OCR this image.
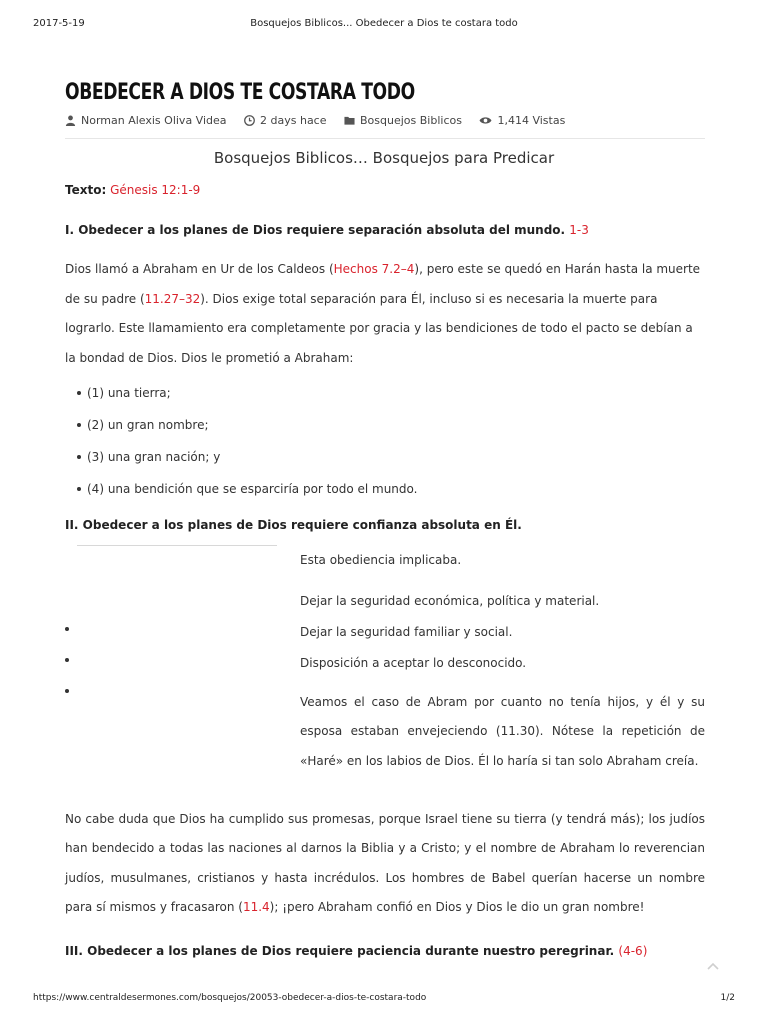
2017-5-19	Bosquejos Biblicos... Obedecer a Dios te costara todo
OBEDECER A DIOS TE COSTARA TODO
Norman Alexis Oliva Videa
	2 days hace
	Bosquejos Biblicos
	1,414 Vistas
Bosquejos Biblicos… Bosquejos para Predicar

Texto: Génesis 12:1-9

I. Obedecer a los planes de Dios requiere separación absoluta del mundo. 1-3

Dios llamó a Abraham en Ur de los Caldeos (Hechos 7.2–4), pero este se quedó en Harán hasta la muerte de su padre (11.27–32). Dios exige total separación para Él, incluso si es necesaria la muerte para lograrlo. Este llamamiento era completamente por gracia y las bendiciones de todo el pacto se debían a la bondad de Dios. Dios le prometió a Abraham:

(1) una tierra;
(2) un gran nombre;
(3) una gran nación; y
(4) una bendición que se esparciría por todo el mundo.

II. Obedecer a los planes de Dios requiere confianza absoluta en Él.

Esta obediencia implicaba.

Dejar la seguridad económica, política y material.

Dejar la seguridad familiar y social.

Disposición a aceptar lo desconocido.

Veamos el caso de Abram por cuanto no tenía hijos, y él y su esposa estaban envejeciendo (11.30). Nótese la repetición de «Haré» en los labios de Dios. Él lo haría si tan solo Abraham creía.

No cabe duda que Dios ha cumplido sus promesas, porque Israel tiene su tierra (y tendrá más); los judíos han bendecido a todas las naciones al darnos la Biblia y a Cristo; y el nombre de Abraham lo reverencian judíos, musulmanes, cristianos y hasta incrédulos. Los hombres de Babel querían hacerse un nombre para sí mismos y fracasaron (11.4); ¡pero Abraham confió en Dios y Dios le dio un gran nombre!

III. Obedecer a los planes de Dios requiere paciencia durante nuestro peregrinar. (4-6)

https://www.centraldesermones.com/bosquejos/20053-obedecer-a-dios-te-costara-todo	1/2
